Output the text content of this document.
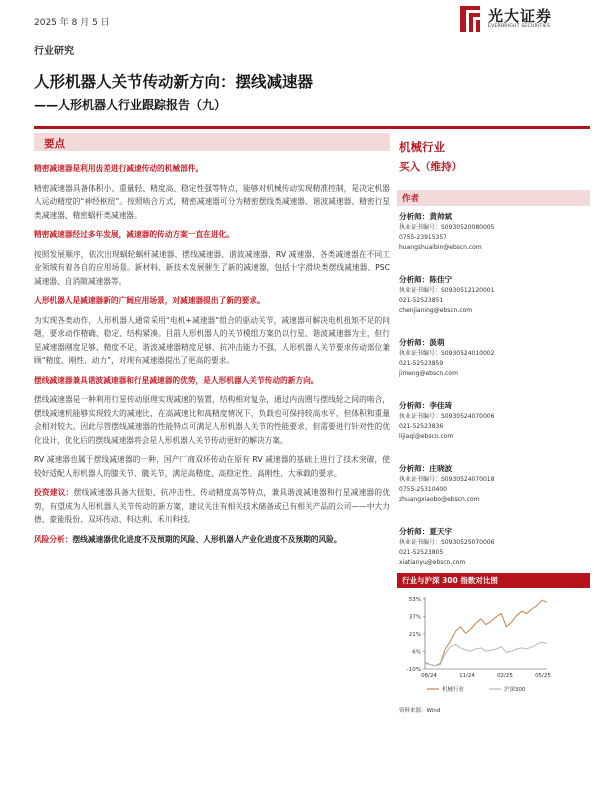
2025 年 8 月 5 日	光大证券
EVERBRIGHT SECURITIES
行业研究
人形机器人关节传动新方向：摆线减速器
——人形机器人行业跟踪报告（九）
要点
精密减速器是利用齿差进行减速传动的机械部件。
精密减速器具备体积小、重量轻、精度高、稳定性强等特点，能够对机械传动实现精准控制，是决定机器人运动精度的“神经枢纽”。按照啮合方式，精密减速器可分为精密摆线类减速器、谐波减速器、精密行星类减速器、精密蜗杆类减速器。
精密减速器经过多年发展，减速器的传动方案一直在进化。
按照发展顺序，依次出现蜗轮蜗杆减速器、摆线减速器、谐波减速器、RV 减速器，各类减速器在不同工业领域有着各自的应用场景。新材料、新技术发展催生了新的减速器，包括十字滑块类摆线减速器、PSC 减速器、自消隙减速器等。
人形机器人是减速器新的广阔应用场景，对减速器提出了新的要求。
为实现各类动作，人形机器人通常采用“电机+减速器”组合的驱动关节，减速器可解决电机扭矩不足的问题，要求动作精确、稳定、结构紧凑。目前人形机器人的关节模组方案仍以行星、谐波减速器为主，但行星减速器刚度足够、精度不足，谐波减速器精度足够、抗冲击能力不强，人形机器人关节要求传动部位兼顾“精度、刚性、动力”，对现有减速器提出了更高的要求。
摆线减速器兼具谐波减速器和行星减速器的优势，是人形机器人关节传动的新方向。
摆线减速器是一种利用行星传动原理实现减速的装置，结构相对复杂，通过内齿圈与摆线轮之间的啮合，摆线减速机能够实现较大的减速比，在高减速比和高精度情况下，负载也可保持较高水平，但体积和重量会相对较大。因此尽管摆线减速器的性能特点可满足人形机器人关节的性能要求，但需要进行针对性的优化设计，优化后的摆线减速器将会是人形机器人关节传动更好的解决方案。
RV 减速器也属于摆线减速器的一种，国产厂商双环传动在原有 RV 减速器的基础上进行了技术突破，使较好适配人形机器人的膝关节、髋关节，满足高精度、高稳定性、高刚性、大承载的要求。
投资建议：摆线减速器具备大扭矩、抗冲击性、传动精度高等特点，兼具谐波减速器和行星减速器的优势，有望成为人形机器人关节传动的新方案，建议关注有相关技术储备或已有相关产品的公司——中大力德、豪能股份、双环传动、科达利、禾川科技。
风险分析：摆线减速器优化进度不及预期的风险、人形机器人产业化进度不及预期的风险。
机械行业
买入（维持）
作者
分析师：黄帅斌
执业证书编号：S0930520080005
0755-23915357
huangshuaibin@ebscn.com
分析师：陈佳宁
执业证书编号：S0930512120001
021-52523851
chenjianing@ebscn.com
分析师：汲萌
执业证书编号：S0930524010002
021-52523859
jimeng@ebscn.com
分析师：李佳琦
执业证书编号：S0930524070006
021-52523836
lijiaqi@ebscn.com
分析师：庄晓波
执业证书编号：S0930524070018
0755-25310400
zhuangxiaobo@ebscn.com
分析师：夏天宇
执业证书编号：S0930525070006
021-52523805
xiatianyu@ebscn.com
行业与沪深 300 指数对比图
53%
37%
21%
6%
-10%
08/24	11/24	02/25	05/25
机械行业	沪深300
资料来源：Wind
